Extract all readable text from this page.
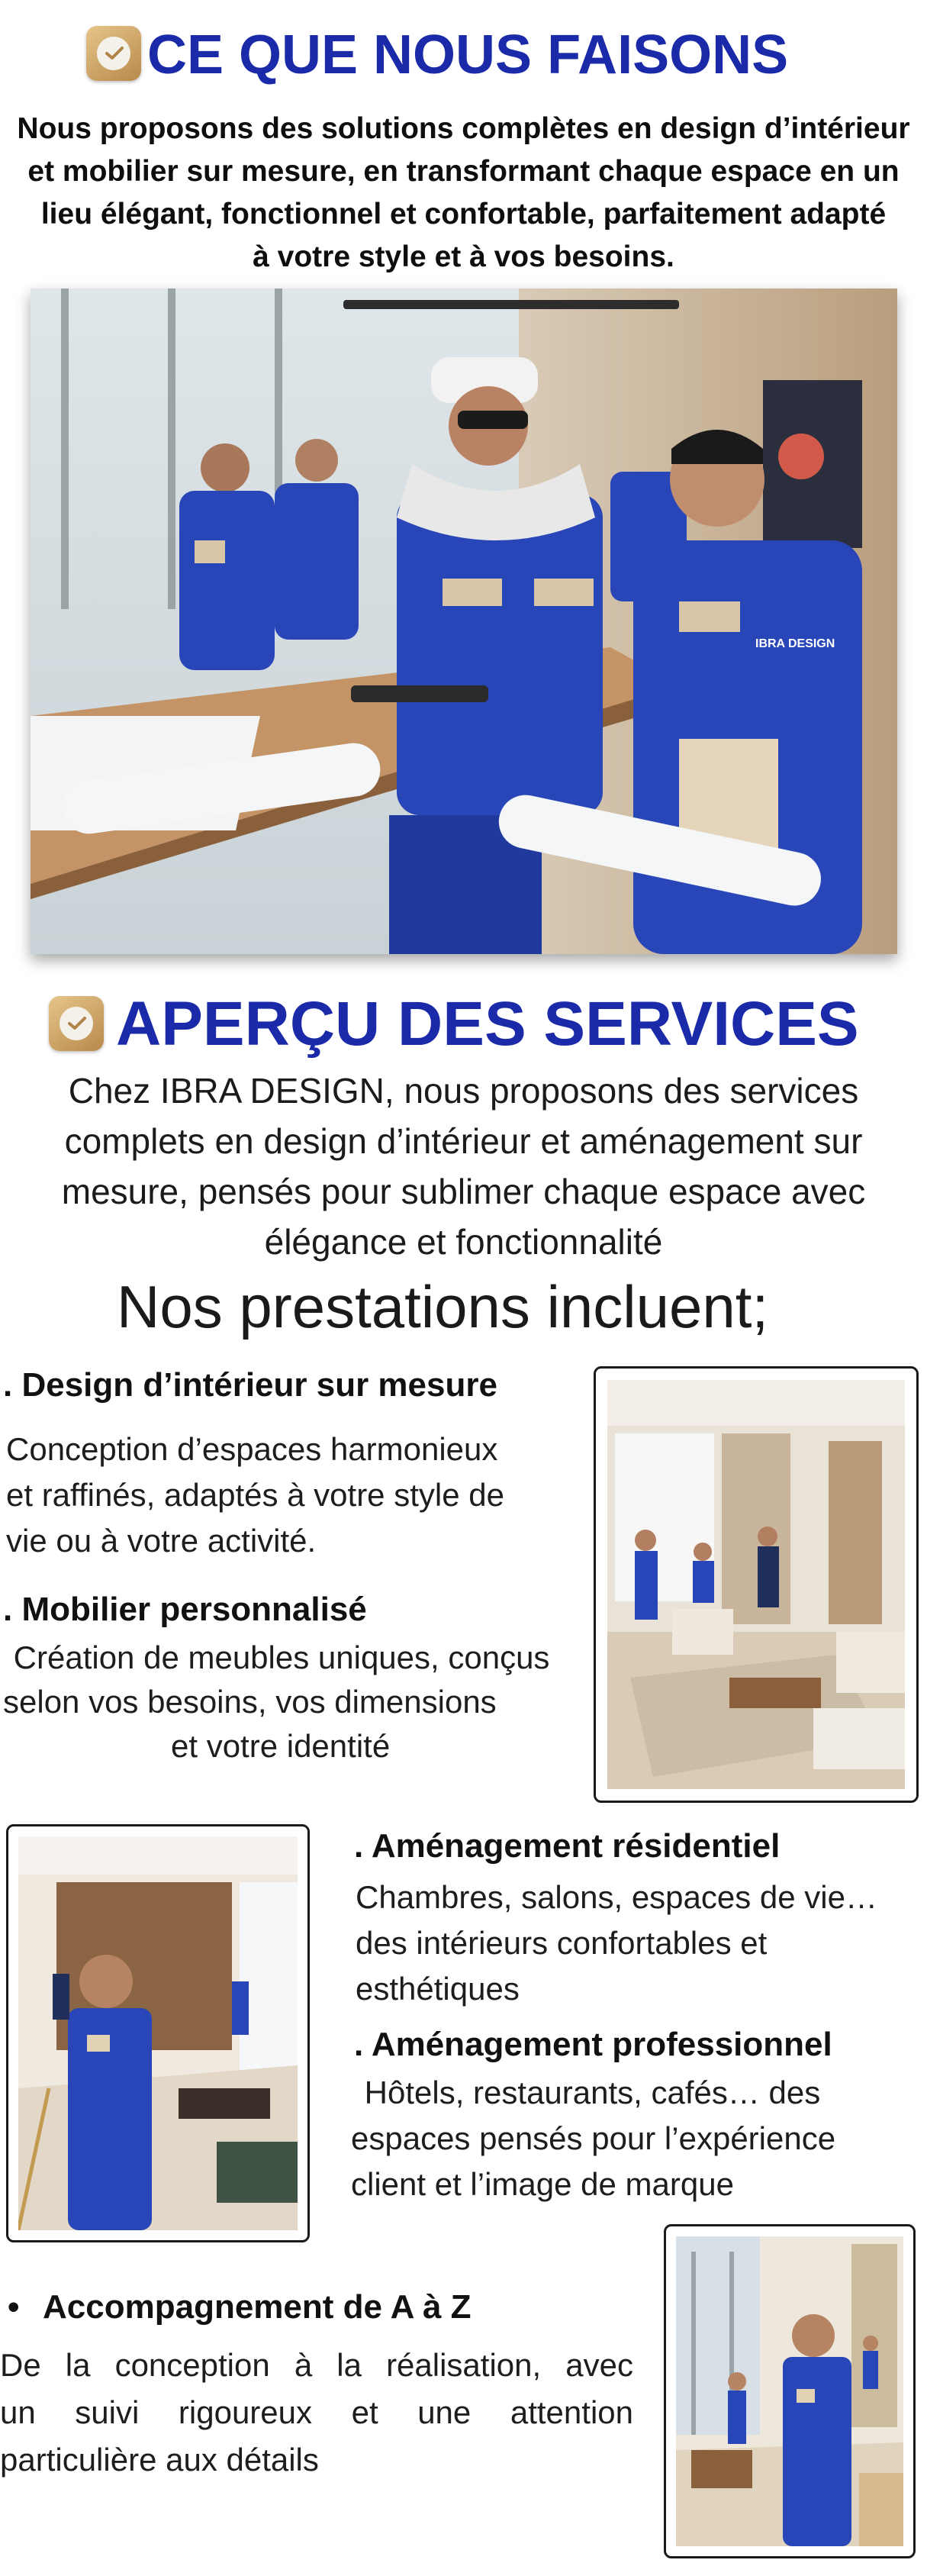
CE QUE NOUS FAISONS
Nous proposons des solutions complètes en design d’intérieur
et mobilier sur mesure, en transformant chaque espace en un
lieu élégant, fonctionnel et confortable, parfaitement adapté
à votre style et à vos besoins.
IBRA DESIGN
APERÇU DES SERVICES
Chez IBRA DESIGN, nous proposons des services
complets en design d’intérieur et aménagement sur
mesure, pensés pour sublimer chaque espace avec
élégance et fonctionnalité
Nos prestations incluent;
. Design d’intérieur sur mesure
Conception d’espaces harmonieux
et raffinés, adaptés à votre style de
vie ou à votre activité.
. Mobilier personnalisé
Création de meubles uniques, conçus
selon vos besoins, vos dimensions
et votre identité
. Aménagement résidentiel
Chambres, salons, espaces de vie…
des intérieurs confortables et
esthétiques
. Aménagement professionnel
Hôtels, restaurants, cafés… des
espaces pensés pour l’expérience
client et l’image de marque
• Accompagnement de A à Z
De la conception à la réalisation, avec
un suivi rigoureux et une attention
particulière aux détails
